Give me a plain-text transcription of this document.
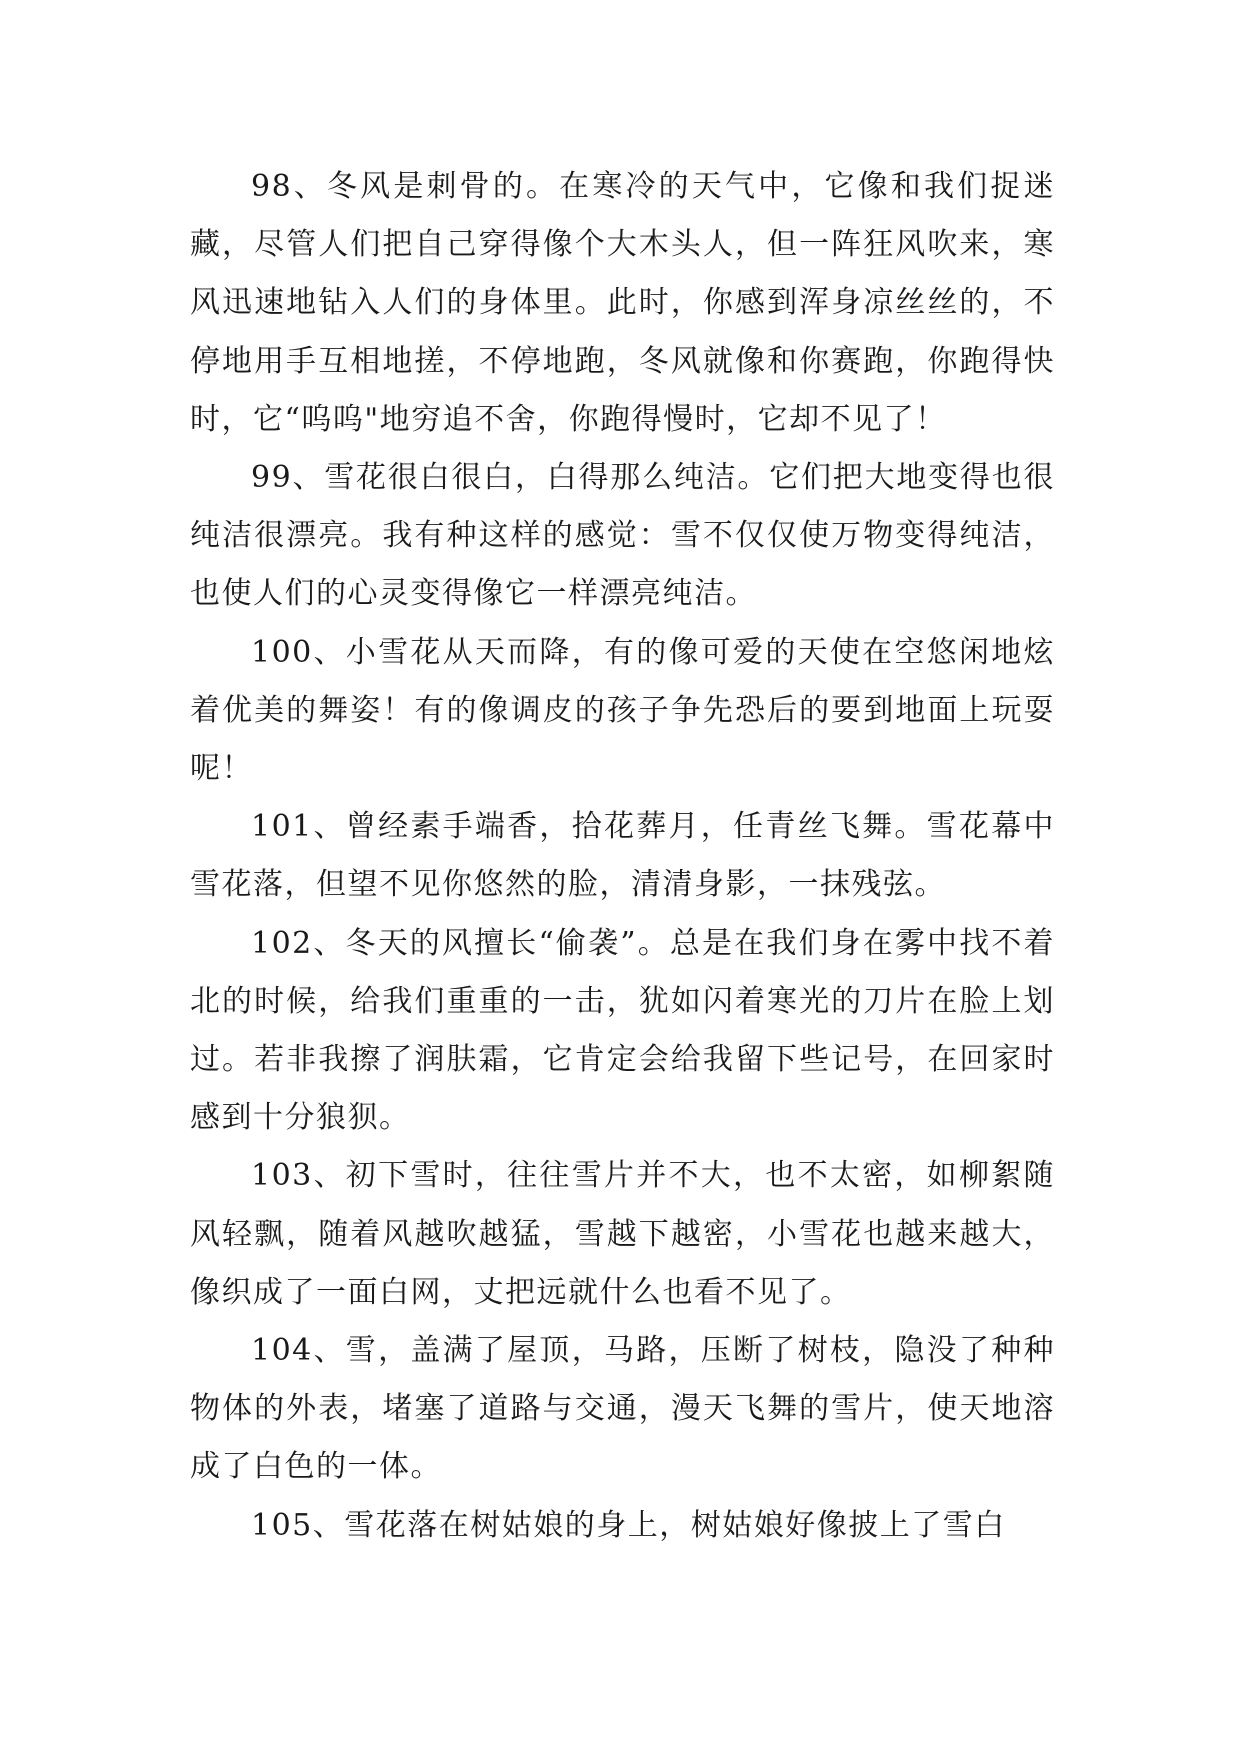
98、冬风是刺骨的。在寒冷的天气中，它像和我们捉迷藏，尽管人们把自己穿得像个大木头人，但一阵狂风吹来，寒风迅速地钻入人们的身体里。此时，你感到浑身凉丝丝的，不停地用手互相地搓，不停地跑，冬风就像和你赛跑，你跑得快时，它“呜呜"地穷追不舍，你跑得慢时，它却不见了！

99、雪花很白很白，白得那么纯洁。它们把大地变得也很纯洁很漂亮。我有种这样的感觉：雪不仅仅使万物变得纯洁，也使人们的心灵变得像它一样漂亮纯洁。

100、小雪花从天而降，有的像可爱的天使在空悠闲地炫着优美的舞姿！有的像调皮的孩子争先恐后的要到地面上玩耍呢！

101、曾经素手端香，拾花葬月，任青丝飞舞。雪花幕中雪花落，但望不见你悠然的脸，清清身影，一抹残弦。

102、冬天的风擅长“偷袭”。总是在我们身在雾中找不着北的时候，给我们重重的一击，犹如闪着寒光的刀片在脸上划过。若非我擦了润肤霜，它肯定会给我留下些记号，在回家时感到十分狼狈。

103、初下雪时，往往雪片并不大，也不太密，如柳絮随风轻飘，随着风越吹越猛，雪越下越密，小雪花也越来越大，像织成了一面白网，丈把远就什么也看不见了。

104、雪，盖满了屋顶，马路，压断了树枝，隐没了种种物体的外表，堵塞了道路与交通，漫天飞舞的雪片，使天地溶成了白色的一体。

105、雪花落在树姑娘的身上，树姑娘好像披上了雪白
